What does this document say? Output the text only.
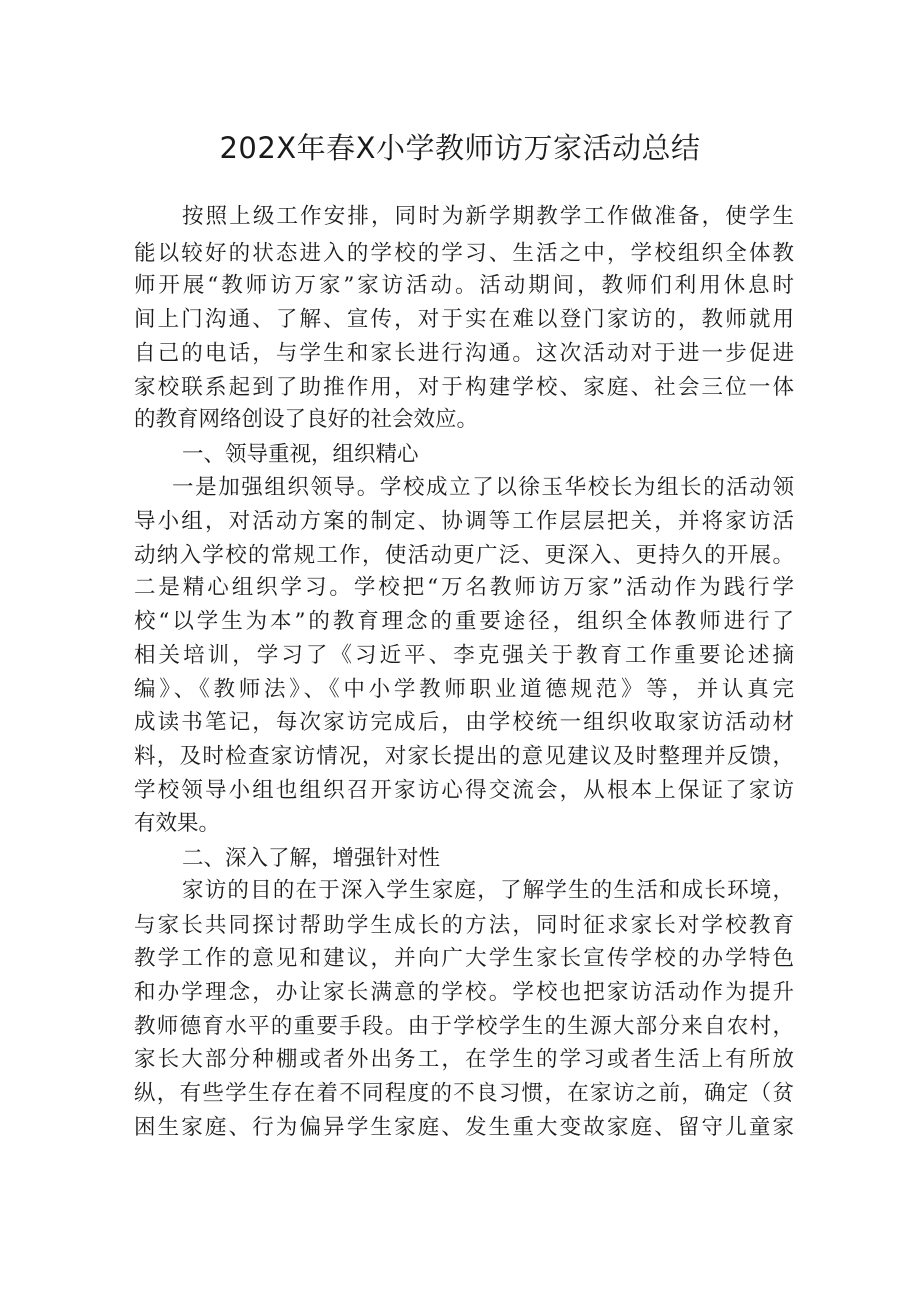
202X年春X小学教师访万家活动总结
按照上级工作安排，同时为新学期教学工作做准备，使学生
能以较好的状态进入的学校的学习、生活之中，学校组织全体教
师开展“教师访万家”家访活动。活动期间，教师们利用休息时
间上门沟通、了解、宣传，对于实在难以登门家访的，教师就用
自己的电话，与学生和家长进行沟通。这次活动对于进一步促进
家校联系起到了助推作用，对于构建学校、家庭、社会三位一体
的教育网络创设了良好的社会效应。
一、领导重视，组织精心
一是加强组织领导。学校成立了以徐玉华校长为组长的活动领
导小组，对活动方案的制定、协调等工作层层把关，并将家访活
动纳入学校的常规工作，使活动更广泛、更深入、更持久的开展。
二是精心组织学习。学校把“万名教师访万家”活动作为践行学
校“以学生为本”的教育理念的重要途径，组织全体教师进行了
相关培训，学习了《习近平、李克强关于教育工作重要论述摘
编》、《教师法》、《中小学教师职业道德规范》等，并认真完
成读书笔记，每次家访完成后，由学校统一组织收取家访活动材
料，及时检查家访情况，对家长提出的意见建议及时整理并反馈，
学校领导小组也组织召开家访心得交流会，从根本上保证了家访
有效果。
二、深入了解，增强针对性
家访的目的在于深入学生家庭，了解学生的生活和成长环境，
与家长共同探讨帮助学生成长的方法，同时征求家长对学校教育
教学工作的意见和建议，并向广大学生家长宣传学校的办学特色
和办学理念，办让家长满意的学校。学校也把家访活动作为提升
教师德育水平的重要手段。由于学校学生的生源大部分来自农村，
家长大部分种棚或者外出务工，在学生的学习或者生活上有所放
纵，有些学生存在着不同程度的不良习惯，在家访之前，确定（贫
困生家庭、行为偏异学生家庭、发生重大变故家庭、留守儿童家
